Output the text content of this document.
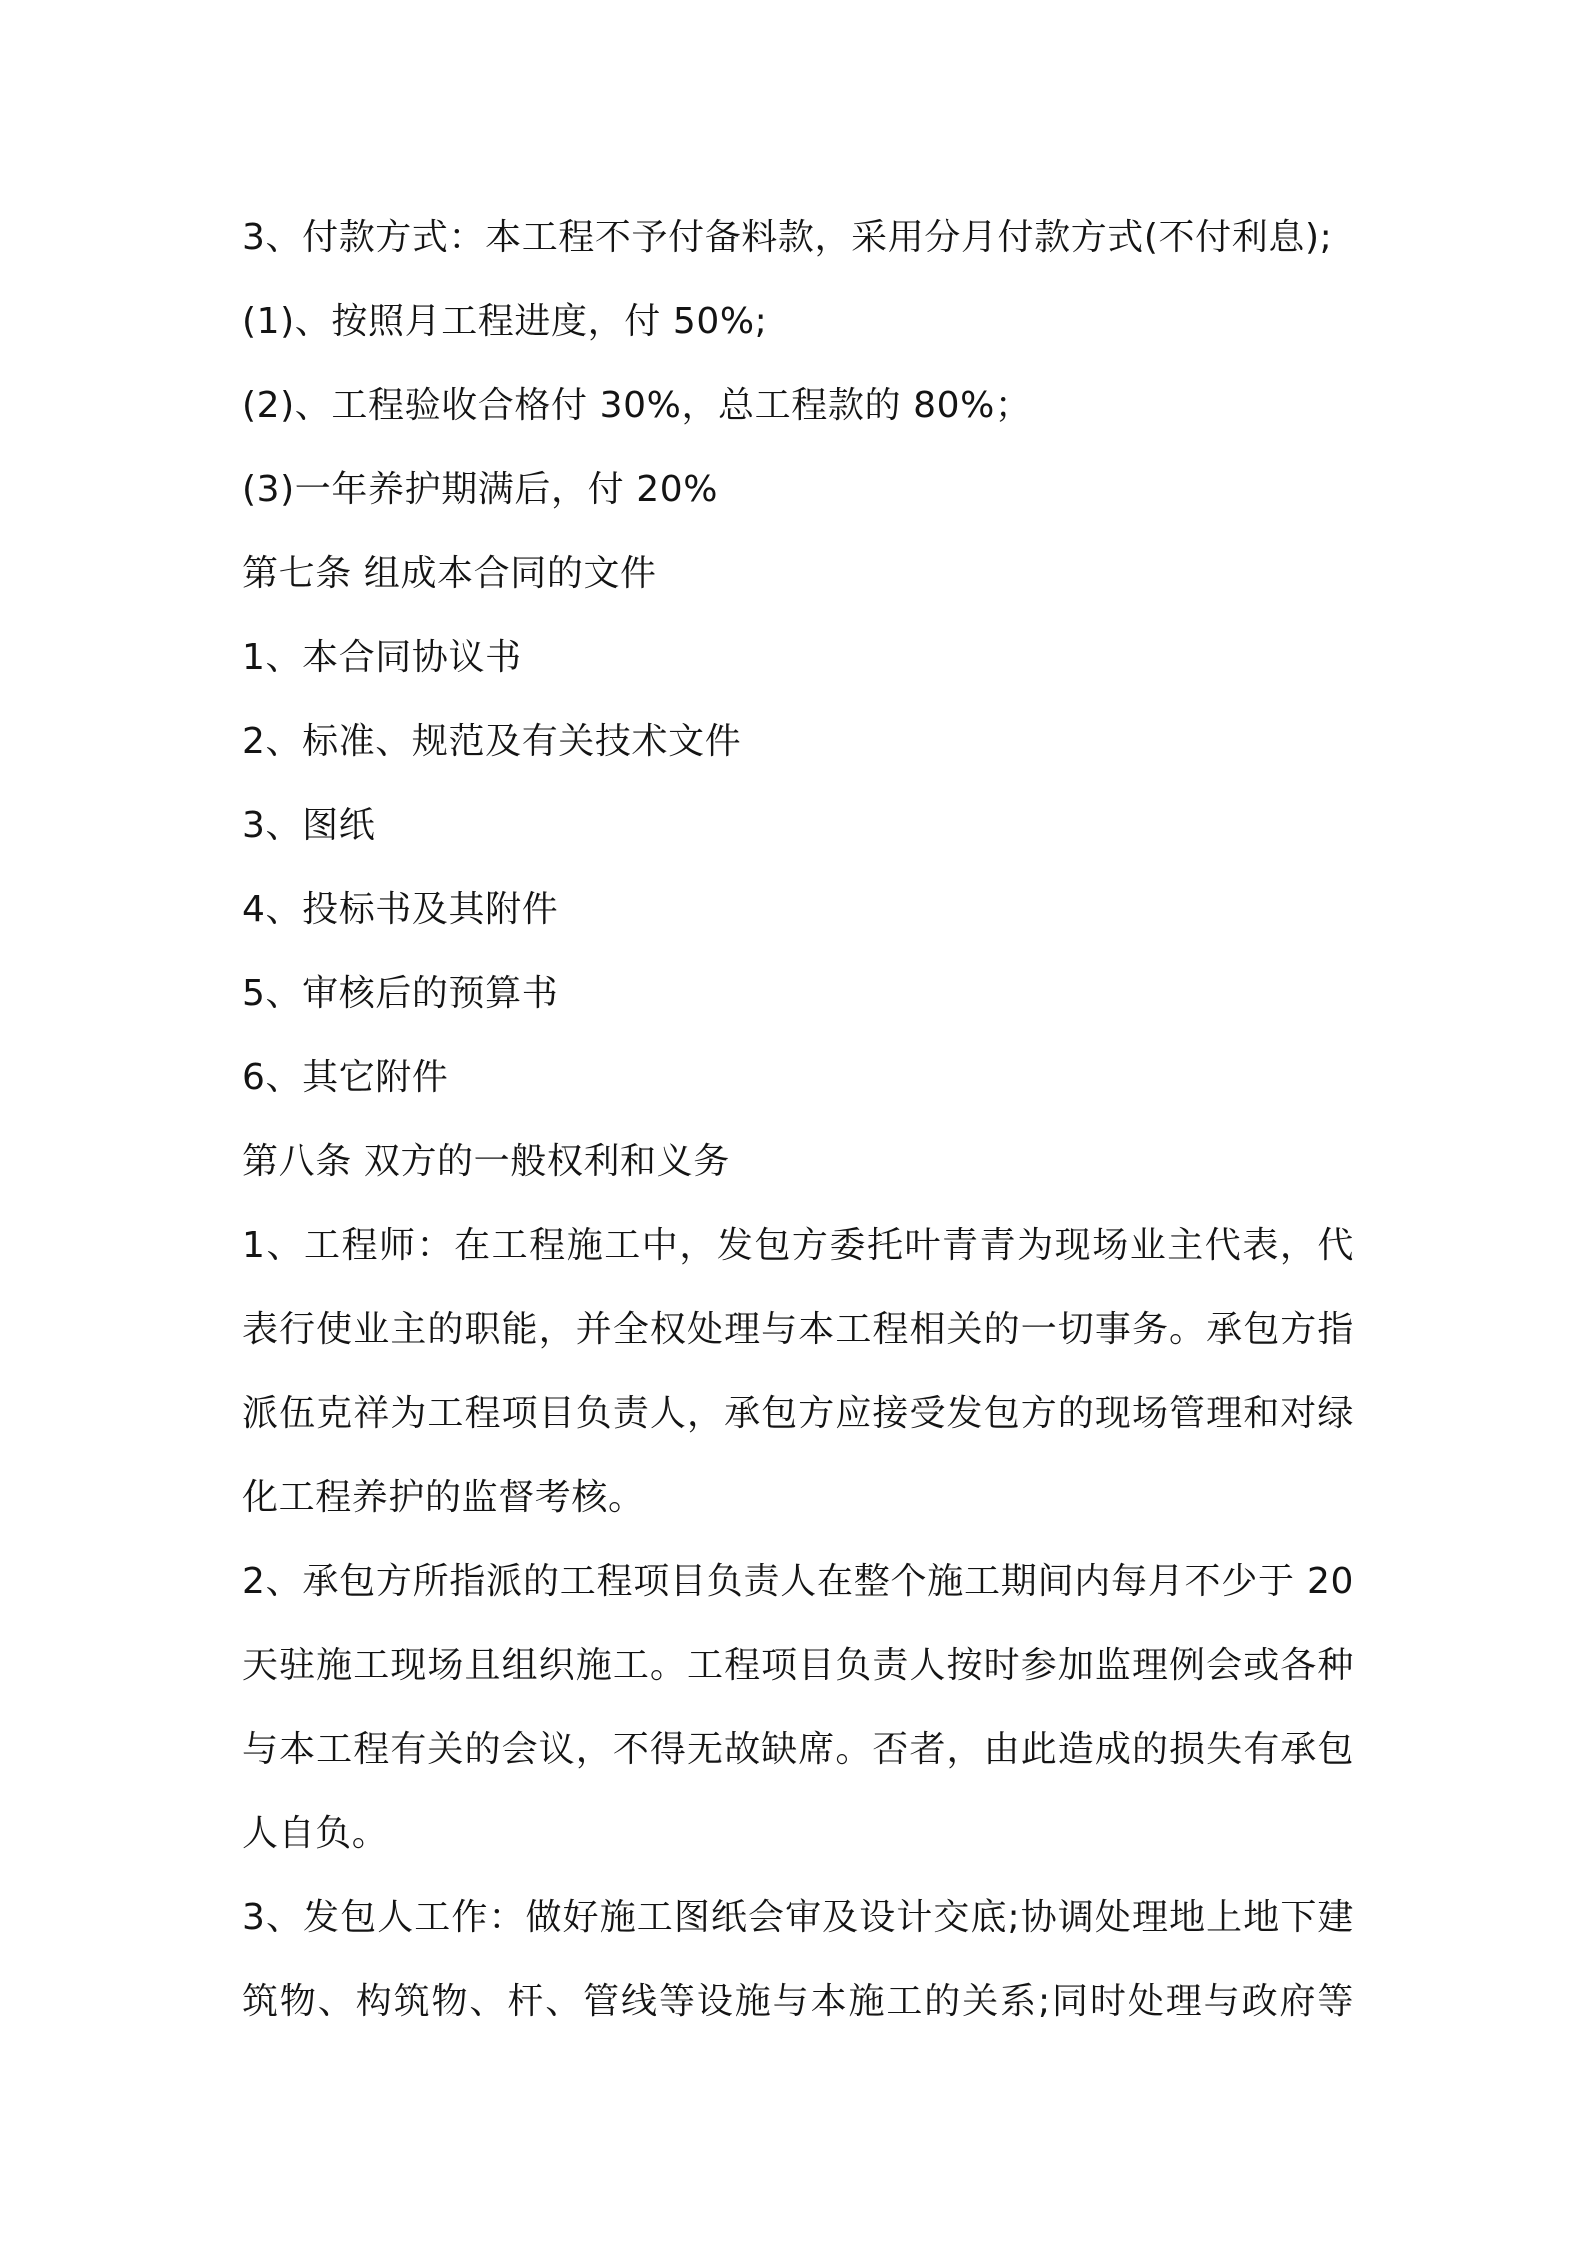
3、付款方式：本工程不予付备料款，采用分月付款方式(不付利息);
(1)、按照月工程进度，付 50%;
(2)、工程验收合格付 30%，总工程款的 80%；
(3)一年养护期满后，付 20%
第七条 组成本合同的文件
1、本合同协议书
2、标准、规范及有关技术文件
3、图纸
4、投标书及其附件
5、审核后的预算书
6、其它附件
第八条 双方的一般权利和义务
1、工程师：在工程施工中，发包方委托叶青青为现场业主代表，代
表行使业主的职能，并全权处理与本工程相关的一切事务。承包方指
派伍克祥为工程项目负责人，承包方应接受发包方的现场管理和对绿
化工程养护的监督考核。
2、承包方所指派的工程项目负责人在整个施工期间内每月不少于 20
天驻施工现场且组织施工。工程项目负责人按时参加监理例会或各种
与本工程有关的会议，不得无故缺席。否者，由此造成的损失有承包
人自负。
3、发包人工作：做好施工图纸会审及设计交底;协调处理地上地下建
筑物、构筑物、杆、管线等设施与本施工的关系;同时处理与政府等
